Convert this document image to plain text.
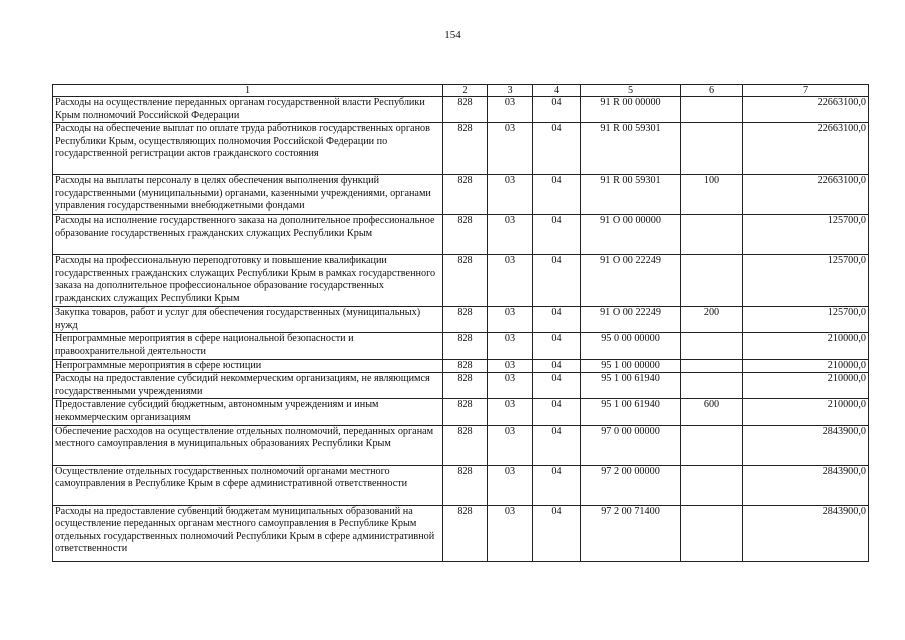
154
1	2	3	4	5	6	7
Расходы на осуществление переданных органам государственной власти Республики Крым полномочий Российской Федерации	828	03	04	91 R 00 00000		22663100,0
Расходы на обеспечение выплат по оплате труда работников государственных органов Республики Крым, осуществляющих полномочия Российской Федерации по государственной регистрации актов гражданского состояния	828	03	04	91 R 00 59301		22663100,0
Расходы на выплаты персоналу в целях обеспечения выполнения функций государственными (муниципальными) органами, казенными учреждениями, органами управления государственными внебюджетными фондами	828	03	04	91 R 00 59301	100	22663100,0
Расходы на исполнение государственного заказа на дополнительное профессиональное образование государственных гражданских служащих Республики Крым	828	03	04	91 О 00 00000		125700,0
Расходы на профессиональную переподготовку и повышение квалификации государственных гражданских служащих Республики Крым в рамках государственного заказа на дополнительное профессиональное образование государственных гражданских служащих Республики Крым	828	03	04	91 О 00 22249		125700,0
Закупка товаров, работ и услуг для обеспечения государственных (муниципальных) нужд	828	03	04	91 О 00 22249	200	125700,0
Непрограммные мероприятия в сфере национальной безопасности и правоохранительной деятельности	828	03	04	95 0 00 00000		210000,0
Непрограммные мероприятия в сфере юстиции	828	03	04	95 1 00 00000		210000,0
Расходы на предоставление субсидий некоммерческим организациям, не являющимся государственными учреждениями	828	03	04	95 1 00 61940		210000,0
Предоставление субсидий бюджетным, автономным учреждениям и иным некоммерческим организациям	828	03	04	95 1 00 61940	600	210000,0
Обеспечение расходов на осуществление отдельных полномочий, переданных органам местного самоуправления в муниципальных образованиях Республики Крым	828	03	04	97 0 00 00000		2843900,0
Осуществление отдельных государственных полномочий органами местного самоуправления в Республике Крым в сфере административной ответственности	828	03	04	97 2 00 00000		2843900,0
Расходы на предоставление субвенций бюджетам муниципальных образований на осуществление переданных органам местного самоуправления в Республике Крым отдельных государственных полномочий Республики Крым в сфере административной ответственности	828	03	04	97 2 00 71400		2843900,0
